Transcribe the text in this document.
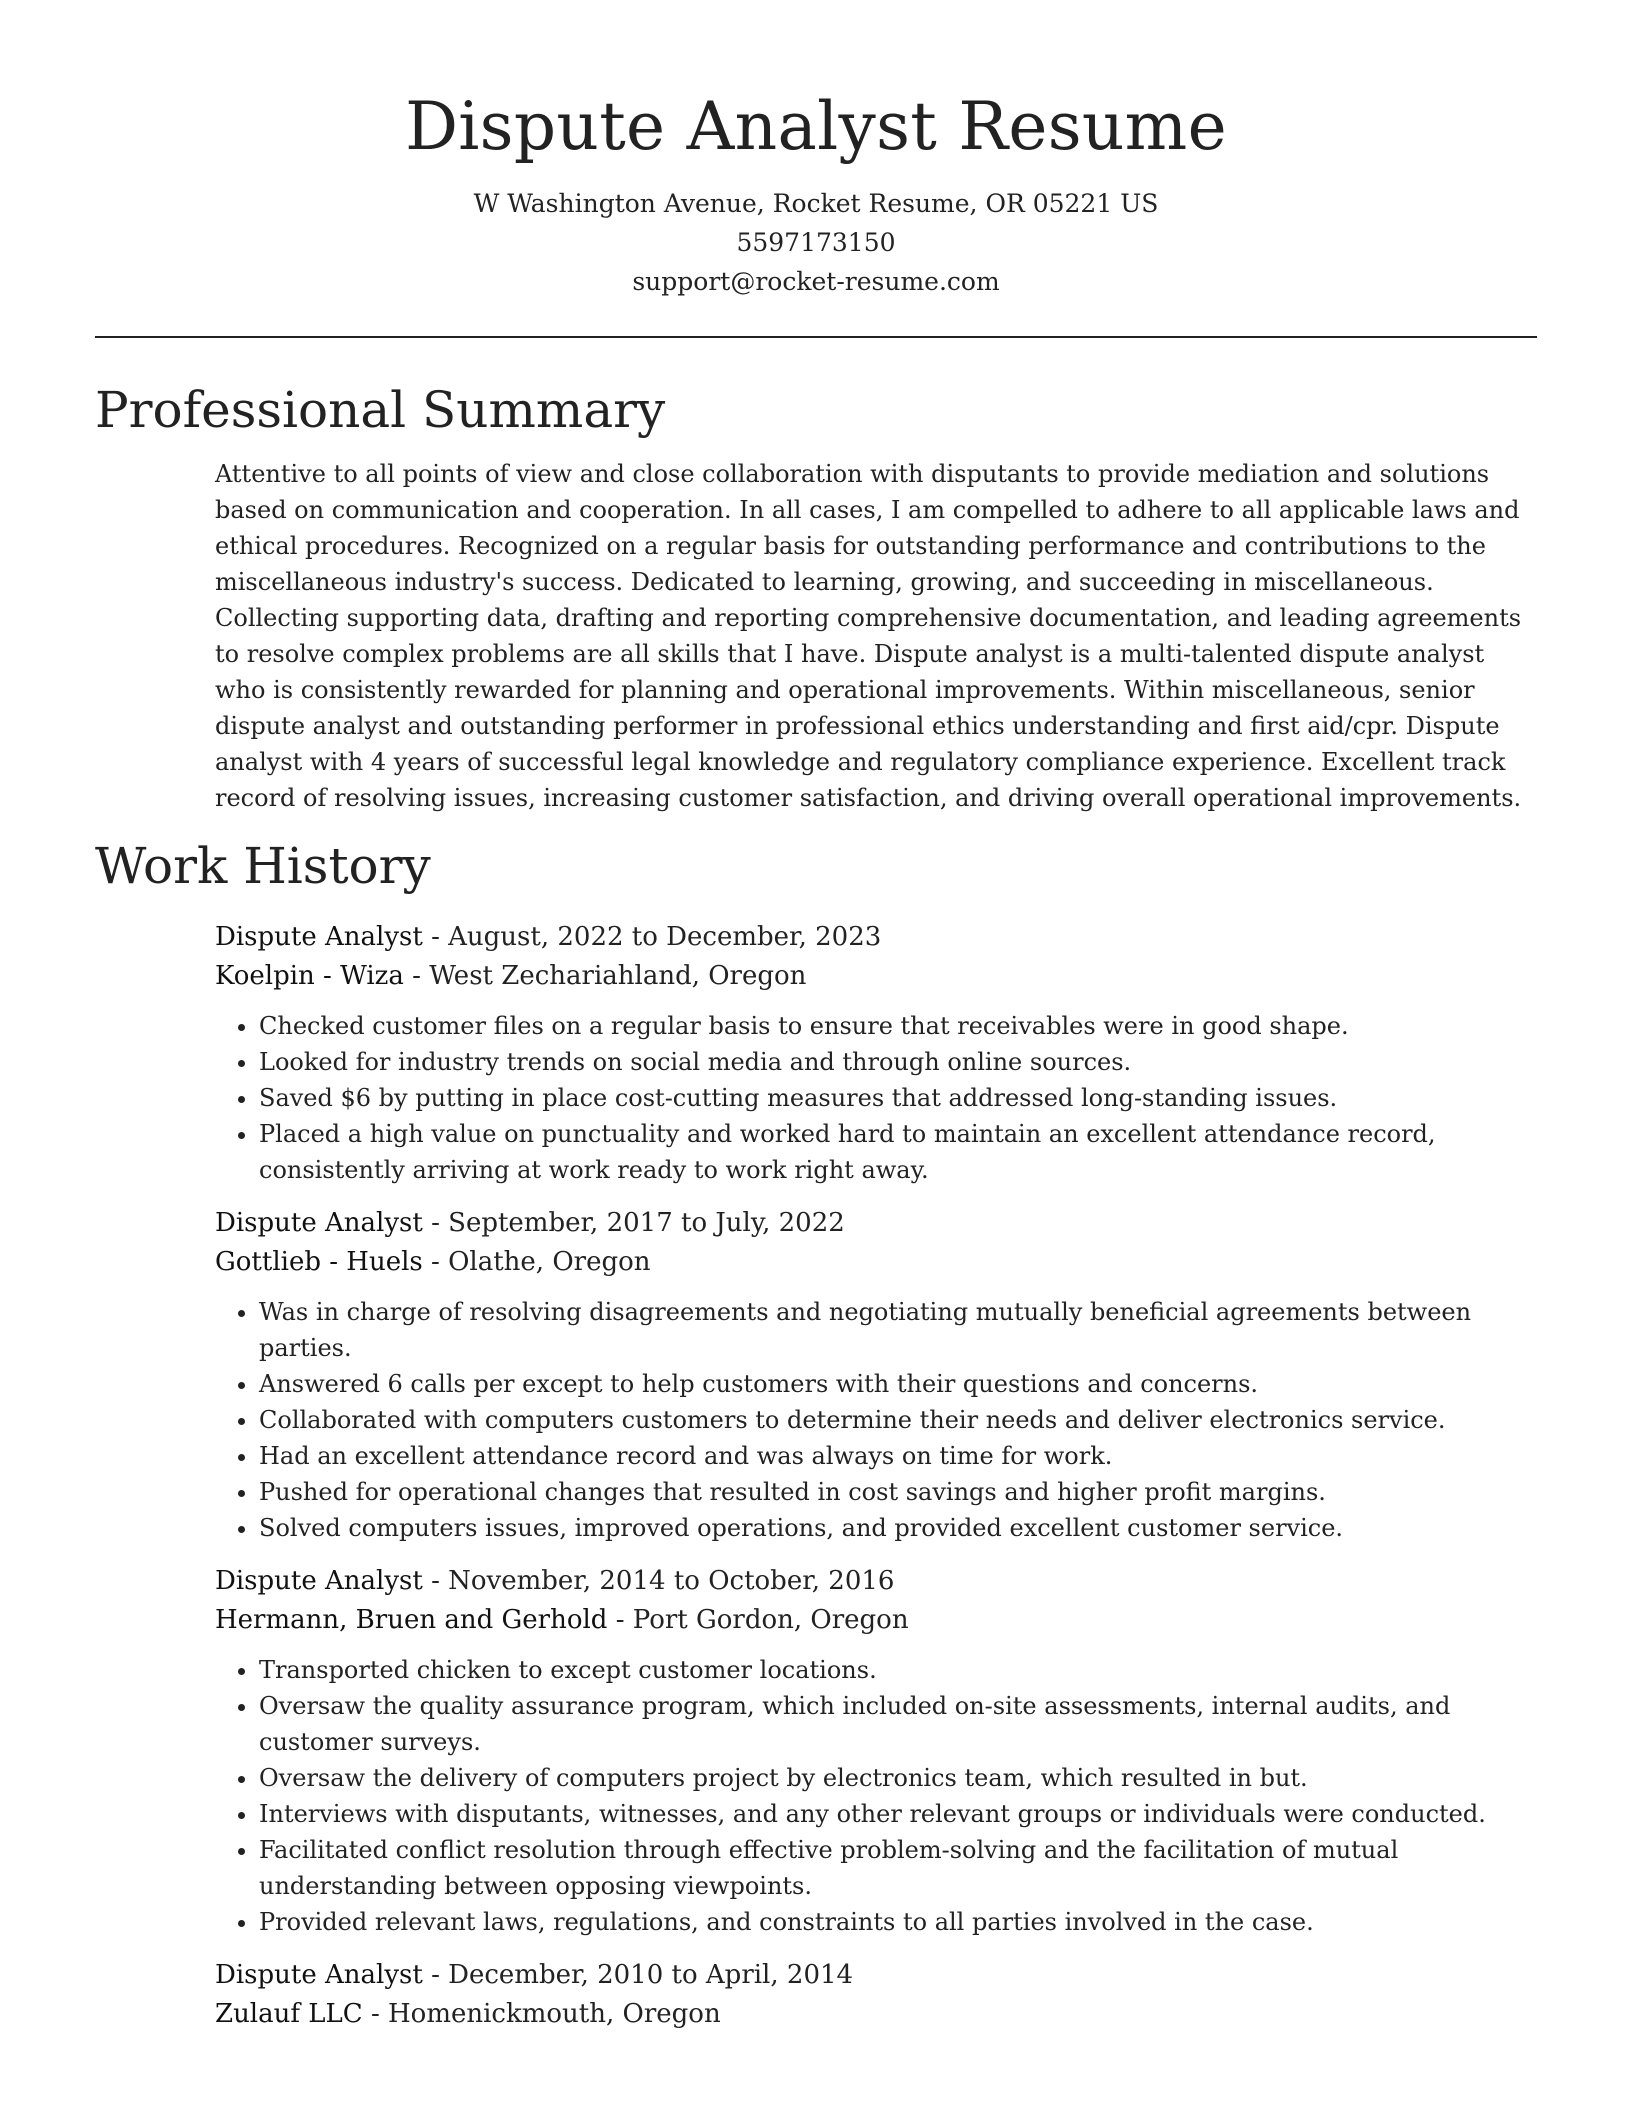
Dispute Analyst Resume
W Washington Avenue, Rocket Resume, OR 05221 US
5597173150
support@rocket-resume.com
Professional Summary

Attentive to all points of view and close collaboration with disputants to provide mediation and solutions based on communication and cooperation. In all cases, I am compelled to adhere to all applicable laws and ethical procedures. Recognized on a regular basis for outstanding performance and contributions to the miscellaneous industry's success. Dedicated to learning, growing, and succeeding in miscellaneous. Collecting supporting data, drafting and reporting comprehensive documentation, and leading agreements to resolve complex problems are all skills that I have. Dispute analyst is a multi-talented dispute analyst who is consistently rewarded for planning and operational improvements. Within miscellaneous, senior dispute analyst and outstanding performer in professional ethics understanding and first aid/cpr. Dispute analyst with 4 years of successful legal knowledge and regulatory compliance experience. Excellent track record of resolving issues, increasing customer satisfaction, and driving overall operational improvements.

Work History

Dispute Analyst - August, 2022 to December, 2023

Koelpin - Wiza - West Zechariahland, Oregon

• Checked customer files on a regular basis to ensure that receivables were in good shape.
• Looked for industry trends on social media and through online sources.
• Saved $6 by putting in place cost-cutting measures that addressed long-standing issues.
• Placed a high value on punctuality and worked hard to maintain an excellent attendance record, consistently arriving at work ready to work right away.

Dispute Analyst - September, 2017 to July, 2022

Gottlieb - Huels - Olathe, Oregon

• Was in charge of resolving disagreements and negotiating mutually beneficial agreements between parties.
• Answered 6 calls per except to help customers with their questions and concerns.
• Collaborated with computers customers to determine their needs and deliver electronics service.
• Had an excellent attendance record and was always on time for work.
• Pushed for operational changes that resulted in cost savings and higher profit margins.
• Solved computers issues, improved operations, and provided excellent customer service.

Dispute Analyst - November, 2014 to October, 2016

Hermann, Bruen and Gerhold - Port Gordon, Oregon

• Transported chicken to except customer locations.
• Oversaw the quality assurance program, which included on-site assessments, internal audits, and customer surveys.
• Oversaw the delivery of computers project by electronics team, which resulted in but.
• Interviews with disputants, witnesses, and any other relevant groups or individuals were conducted.
• Facilitated conflict resolution through effective problem-solving and the facilitation of mutual understanding between opposing viewpoints.
• Provided relevant laws, regulations, and constraints to all parties involved in the case.

Dispute Analyst - December, 2010 to April, 2014

Zulauf LLC - Homenickmouth, Oregon
